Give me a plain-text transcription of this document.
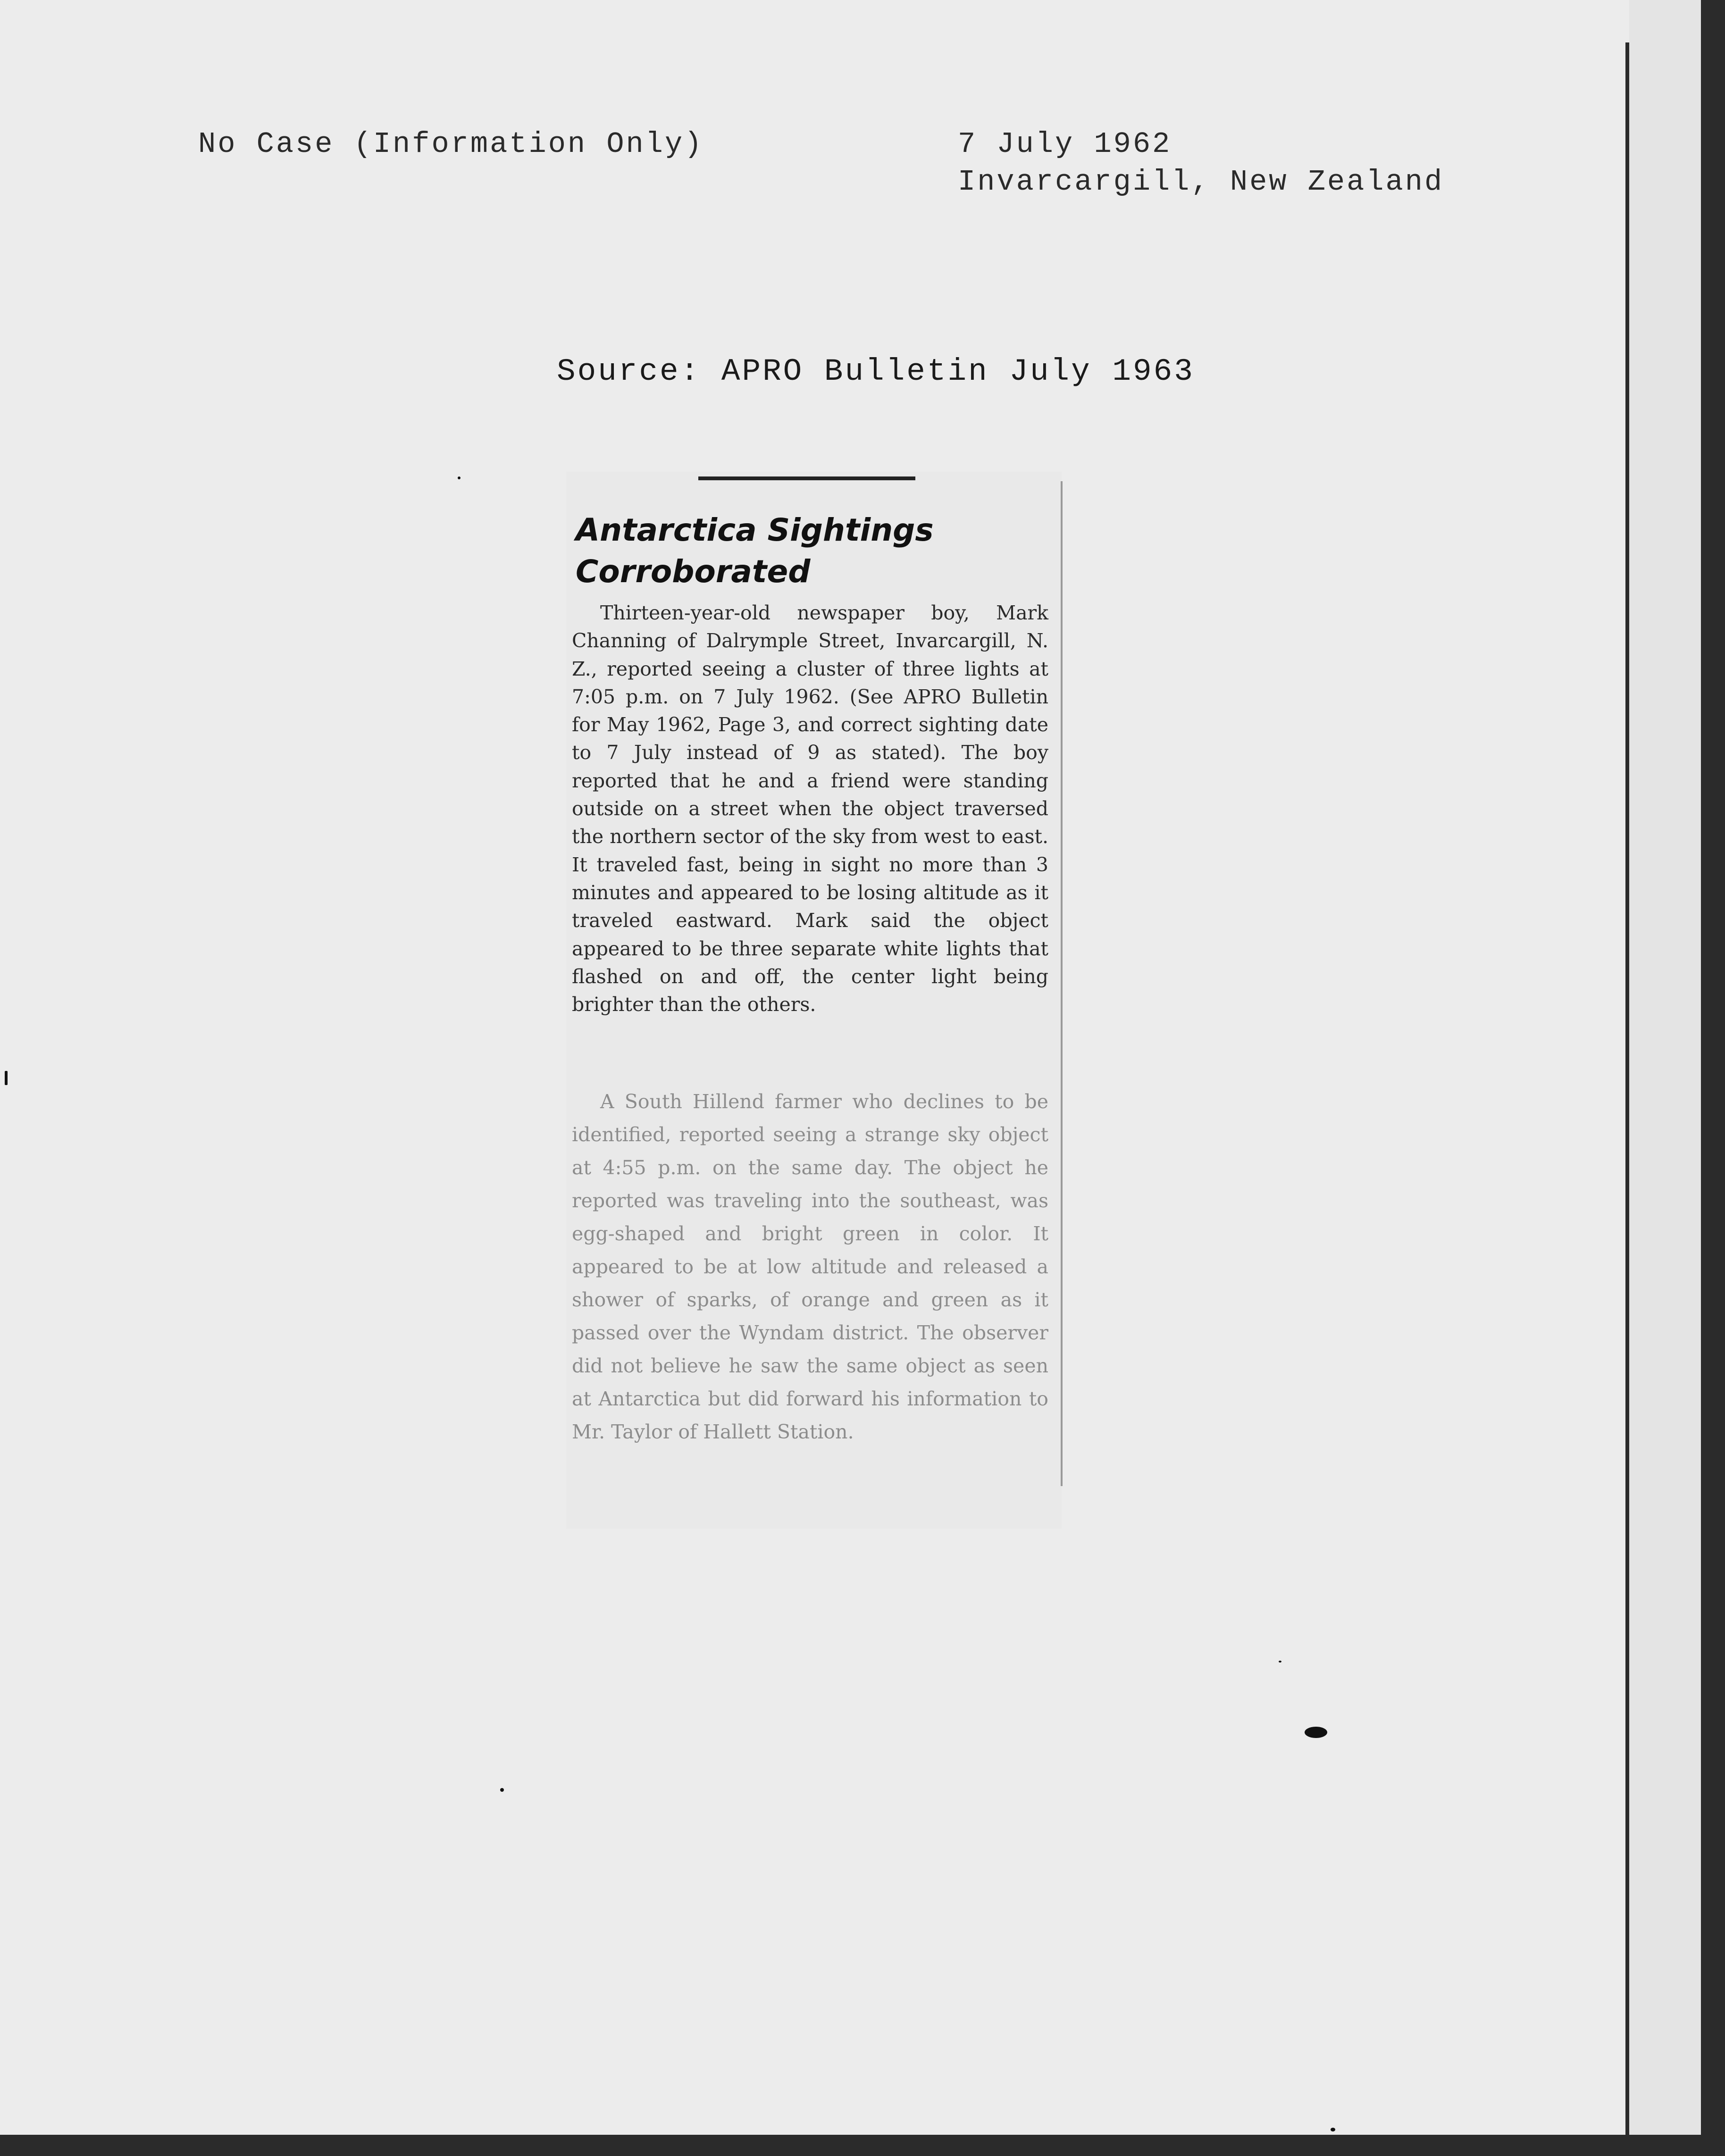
No Case (Information Only)	7 July 1962

Invarcargill, New Zealand

Source: APRO Bulletin July 1963

Antarctica Sightings Corroborated

Thirteen-year-old newspaper boy, Mark Channing of Dalrymple Street, Invarcargill, N. Z., reported seeing a cluster of three lights at 7:05 p.m. on 7 July 1962. (See APRO Bulletin for May 1962, Page 3, and correct sighting date to 7 July instead of 9 as stated). The boy reported that he and a friend were standing outside on a street when the object traversed the northern sector of the sky from west to east. It traveled fast, being in sight no more than 3 minutes and appeared to be losing altitude as it traveled eastward. Mark said the object appeared to be three separate white lights that flashed on and off, the center light being brighter than the others.

A South Hillend farmer who declines to be identified, reported seeing a strange sky object at 4:55 p.m. on the same day. The object he reported was traveling into the southeast, was egg-shaped and bright green in color. It appeared to be at low altitude and released a shower of sparks, of orange and green as it passed over the Wyndam district. The observer did not believe he saw the same object as seen at Antarctica but did forward his information to Mr. Taylor of Hallett Station.
